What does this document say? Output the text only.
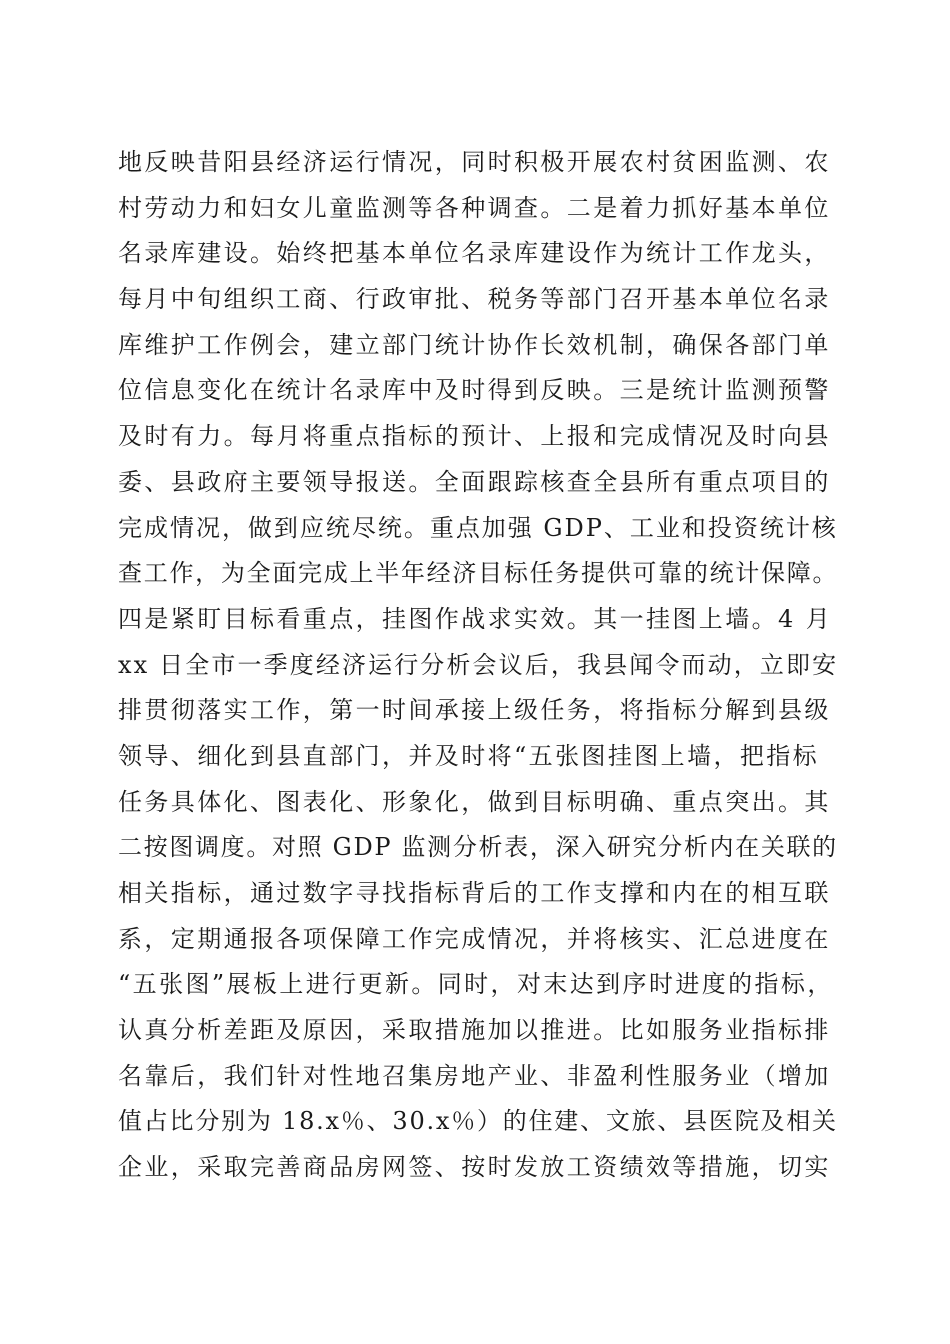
地反映昔阳县经济运行情况，同时积极开展农村贫困监测、农
村劳动力和妇女儿童监测等各种调查。二是着力抓好基本单位
名录库建设。始终把基本单位名录库建设作为统计工作龙头，
每月中旬组织工商、行政审批、税务等部门召开基本单位名录
库维护工作例会，建立部门统计协作长效机制，确保各部门单
位信息变化在统计名录库中及时得到反映。三是统计监测预警
及时有力。每月将重点指标的预计、上报和完成情况及时向县
委、县政府主要领导报送。全面跟踪核查全县所有重点项目的
完成情况，做到应统尽统。重点加强 GDP、工业和投资统计核
查工作，为全面完成上半年经济目标任务提供可靠的统计保障。
四是紧盯目标看重点，挂图作战求实效。其一挂图上墙。4 月
xx 日全市一季度经济运行分析会议后，我县闻令而动，立即安
排贯彻落实工作，第一时间承接上级任务，将指标分解到县级
领导、细化到县直部门，并及时将“五张图挂图上墙，把指标
任务具体化、图表化、形象化，做到目标明确、重点突出。其
二按图调度。对照 GDP 监测分析表，深入研究分析内在关联的
相关指标，通过数字寻找指标背后的工作支撑和内在的相互联
系，定期通报各项保障工作完成情况，并将核实、汇总进度在
“五张图”展板上进行更新。同时，对末达到序时进度的指标，
认真分析差距及原因，采取措施加以推进。比如服务业指标排
名靠后，我们针对性地召集房地产业、非盈利性服务业（增加
值占比分别为 18.x％、30.x％）的住建、文旅、县医院及相关
企业，采取完善商品房网签、按时发放工资绩效等措施，切实
